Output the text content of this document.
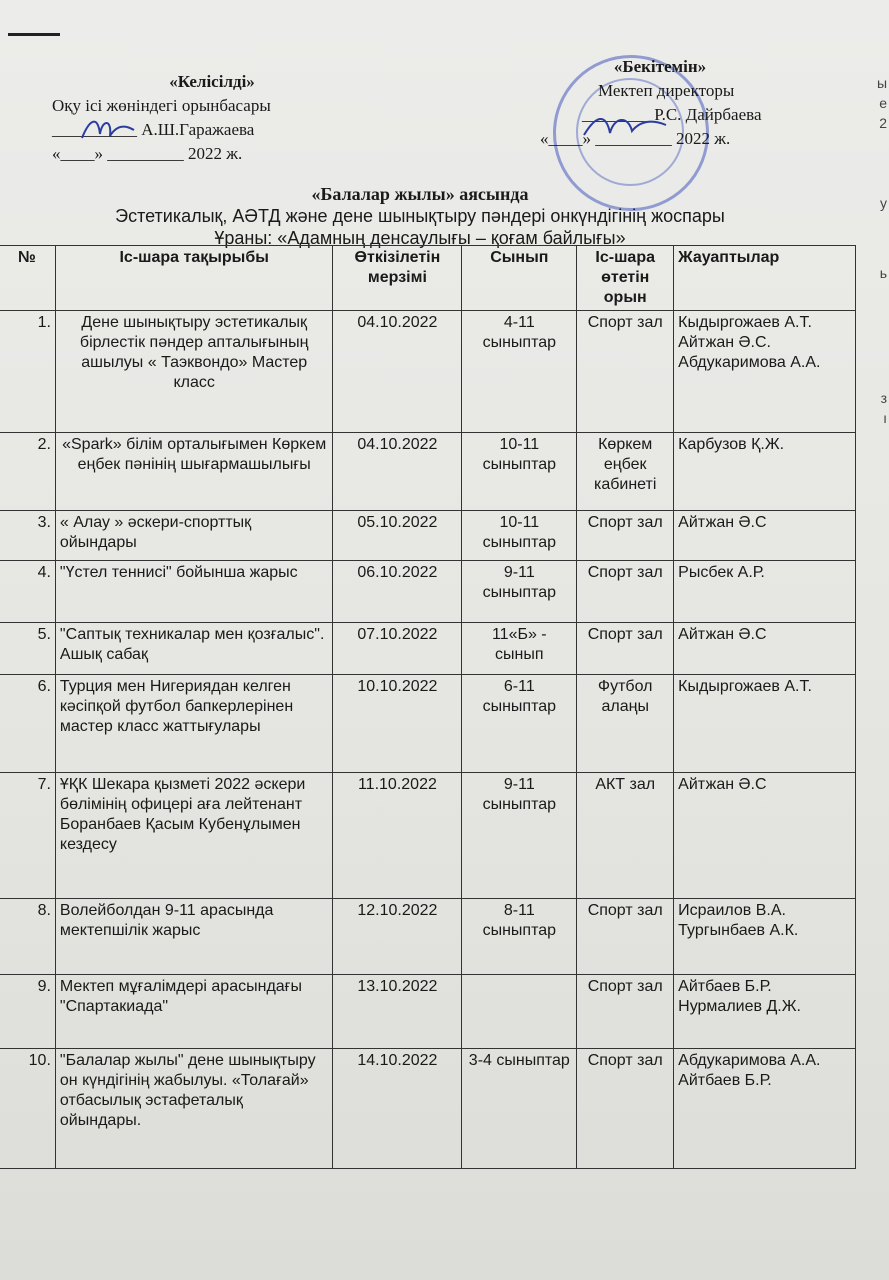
«Келісілді»
Оқу ісі жөніндегі орынбасары
__________ А.Ш.Гаражаева
«____» _________ 2022 ж.
«Бекітемін»
Мектеп директоры
________ Р.С. Дайрбаева
«____» _________ 2022 ж.
ы
е
2
у
ь
з
ı
«Балалар жылы» аясында
Эстетикалық, АӘТД және дене шынықтыру пәндері онкүндігінің жоспары
Ұраны: «Адамның денсаулығы – қоғам байлығы»
№	Іс-шара тақырыбы	Өткізілетін мерзімі	Сынып	Іс-шара өтетін орын	Жауаптылар
1.	Дене шынықтыру эстетикалық бірлестік пәндер апталығының ашылуы « Таэквондо» Мастер класс	04.10.2022	4-11 сыныптар	Спорт зал	Кыдыргожаев А.Т. Айтжан Ә.С. Абдукаримова А.А.
2.	«Spark» білім орталығымен Көркем еңбек пәнінің шығармашылығы	04.10.2022	10-11 сыныптар	Көркем еңбек кабинеті	Карбузов Қ.Ж.
3.	« Алау » әскери-спорттық ойындары	05.10.2022	10-11 сыныптар	Спорт зал	Айтжан Ә.С
4.	"Үстел теннисі" бойынша жарыс	06.10.2022	9-11 сыныптар	Спорт зал	Рысбек А.Р.
5.	"Саптық техникалар мен қозғалыс". Ашық сабақ	07.10.2022	11«Б» - сынып	Спорт зал	Айтжан Ә.С
6.	Турция мен Нигериядан келген кәсіпқой футбол бапкерлерінен мастер класс жаттығулары	10.10.2022	6-11 сыныптар	Футбол алаңы	Кыдыргожаев А.Т.
7.	ҰҚК Шекара қызметі 2022 әскери бөлімінің офицері аға лейтенант Боранбаев Қасым Кубенұлымен кездесу	11.10.2022	9-11 сыныптар	АКТ зал	Айтжан Ә.С
8.	Волейболдан 9-11 арасында мектепшілік жарыс	12.10.2022	8-11 сыныптар	Спорт зал	Исраилов В.А. Тургынбаев А.К.
9.	Мектеп мұғалімдері арасындағы "Спартакиада"	13.10.2022		Спорт зал	Айтбаев Б.Р. Нурмалиев Д.Ж.
10.	"Балалар жылы" дене шынықтыру он күндігінің жабылуы. «Толағай» отбасылық эстафеталық ойындары.	14.10.2022	3-4 сыныптар	Спорт зал	Абдукаримова А.А. Айтбаев Б.Р.
